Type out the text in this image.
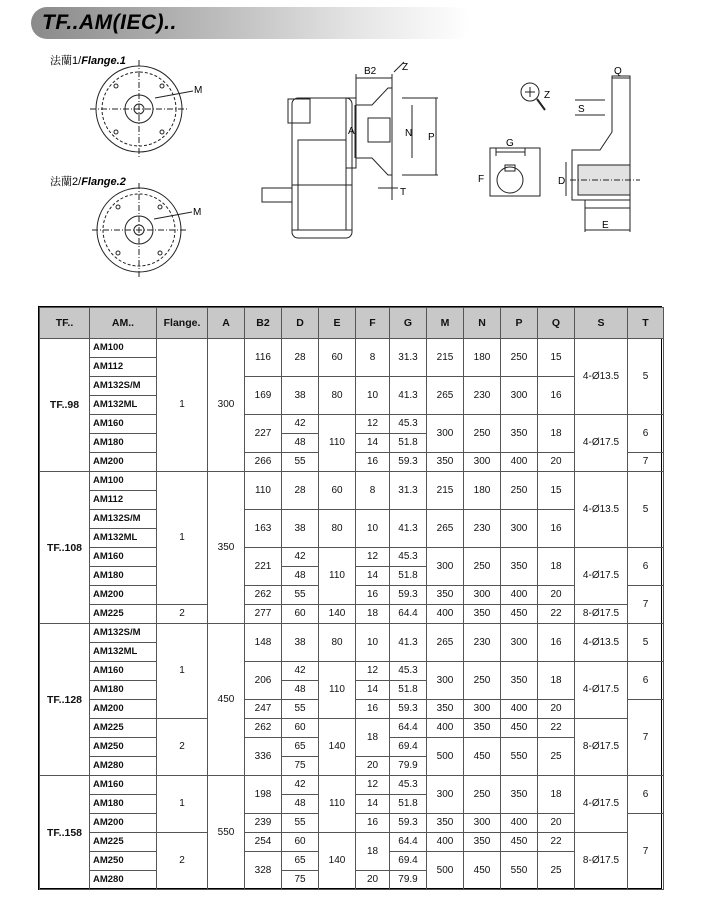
TF..AM(IEC)..
法蘭1/Flange.1
法蘭2/Flange.2
M
M
B2	Z
A	N P
T
G
F	D
E
S
Q
Z
TF..	AM..	Flange.	A	B2	D	E	F	G	M	N	P	Q	S	T
TF..98	AM100	1	300	116	28	60	8	31.3	215	180	250	15	4-Ø13.5	5
	AM112													
	AM132S/M			169	38	80	10	41.3	265	230	300	16		
	AM132ML													
	AM160			227	42	110	12	45.3	300	250	350	18	4-Ø17.5	6
	AM180				48		14	51.8						
	AM200			266	55		16	59.3	350	300	400	20		7
TF..108	AM100	1	350	110	28	60	8	31.3	215	180	250	15	4-Ø13.5	5
	AM112													
	AM132S/M			163	38	80	10	41.3	265	230	300	16		
	AM132ML													
	AM160			221	42	110	12	45.3	300	250	350	18	4-Ø17.5	6
	AM180				48		14	51.8						
	AM200			262	55		16	59.3	350	300	400	20		7
	AM225	2		277	60	140	18	64.4	400	350	450	22	8-Ø17.5	
TF..128	AM132S/M	1	450	148	38	80	10	41.3	265	230	300	16	4-Ø13.5	5
	AM132ML													
	AM160			206	42	110	12	45.3	300	250	350	18	4-Ø17.5	6
	AM180				48		14	51.8						
	AM200			247	55		16	59.3	350	300	400	20		7
	AM225	2		262	60	140	18	64.4	400	350	450	22	8-Ø17.5	
	AM250			336	65			69.4	500	450	550	25		
	AM280				75		20	79.9						
TF..158	AM160	1	550	198	42	110	12	45.3	300	250	350	18	4-Ø17.5	6
	AM180				48		14	51.8						
	AM200			239	55		16	59.3	350	300	400	20		7
	AM225	2		254	60	140	18	64.4	400	350	450	22	8-Ø17.5	
	AM250			328	65			69.4	500	450	550	25		
	AM280				75		20	79.9						
